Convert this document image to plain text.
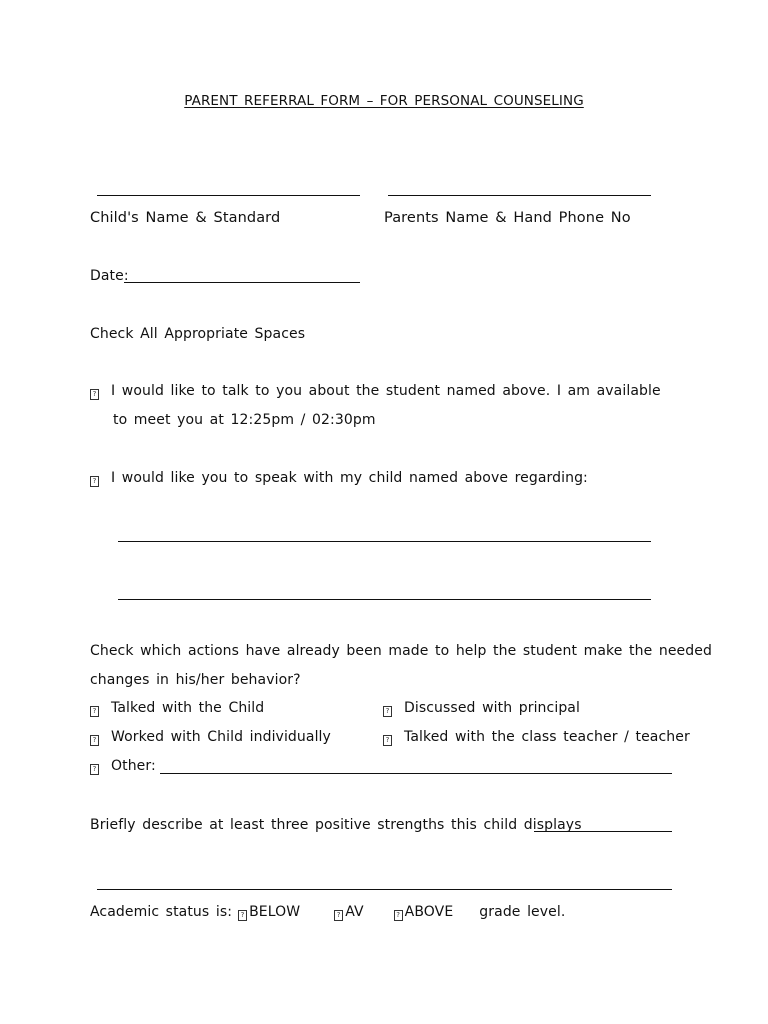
PARENT REFERRAL FORM – FOR PERSONAL COUNSELING
Child's Name & Standard	Parents Name & Hand Phone No
Date:
Check All Appropriate Spaces
? I would like to talk to you about the student named above. I am available
to meet you at 12:25pm / 02:30pm
? I would like you to speak with my child named above regarding:
Check which actions have already been made to help the student make the needed
changes in his/her behavior?
? Talked with the Child	? Discussed with principal
? Worked with Child individually	? Talked with the class teacher / teacher
? Other:
Briefly describe at least three positive strengths this child displays
Academic status is: ? BELOW	? AV	? ABOVE grade level.
